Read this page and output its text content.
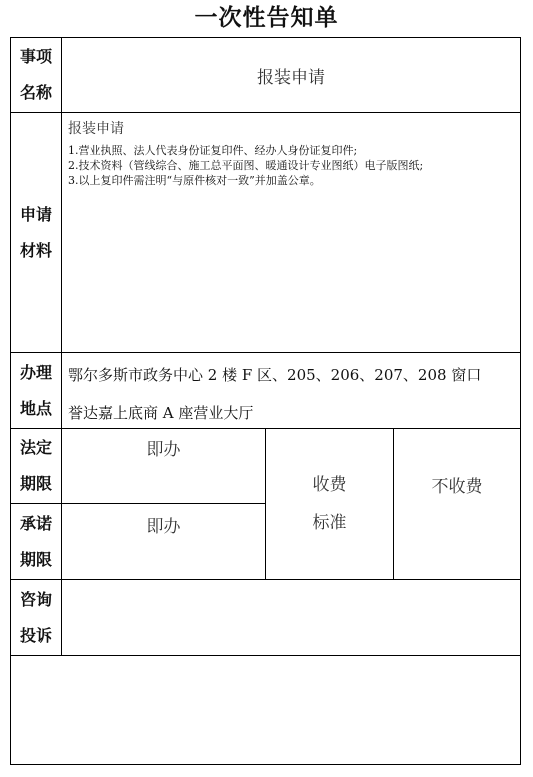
一次性告知单
事项
名称
报装申请
申请
材料
报装申请

1.营业执照、法人代表身份证复印件、经办人身份证复印件;

2.技术资料（管线综合、施工总平面图、暖通设计专业图纸）电子版图纸;

3.以上复印件需注明“与原件核对一致”并加盖公章。

办理
地点
鄂尔多斯市政务中心 2 楼 F 区、205、206、207、208 窗口
誉达嘉上底商 A 座营业大厅
法定
期限
即办
承诺
期限
即办
收费
标准
不收费
咨询
投诉
